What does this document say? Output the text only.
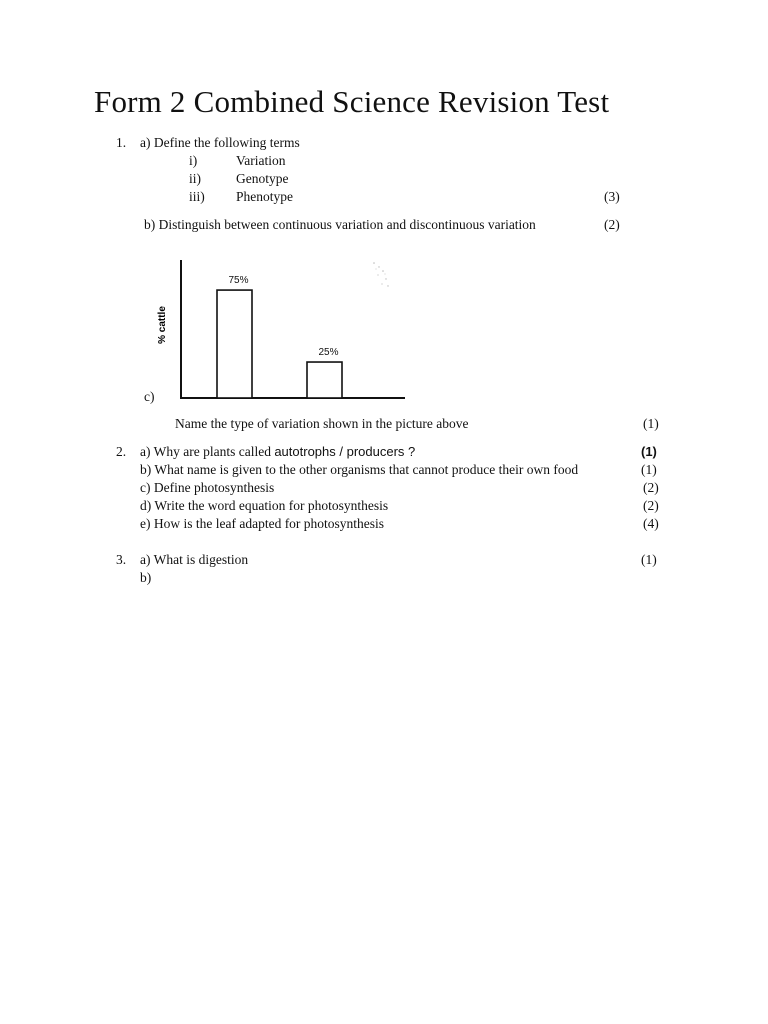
Form 2 Combined Science Revision Test
1. a) Define the following terms
i)	Variation
ii)	Genotype
iii) Phenotype	(3)
b) Distinguish between continuous variation and discontinuous variation	(2)
% cattle
75%
25%
c)
Name the type of variation shown in the picture above	(1)
2. a) Why are plants called autotrophs / producers ?	(1)
b) What name is given to the other organisms that cannot produce their own food	(1)
c) Define photosynthesis	(2)
d) Write the word equation for photosynthesis	(2)
e) How is the leaf adapted for photosynthesis	(4)
3. a) What is digestion	(1)
b)
